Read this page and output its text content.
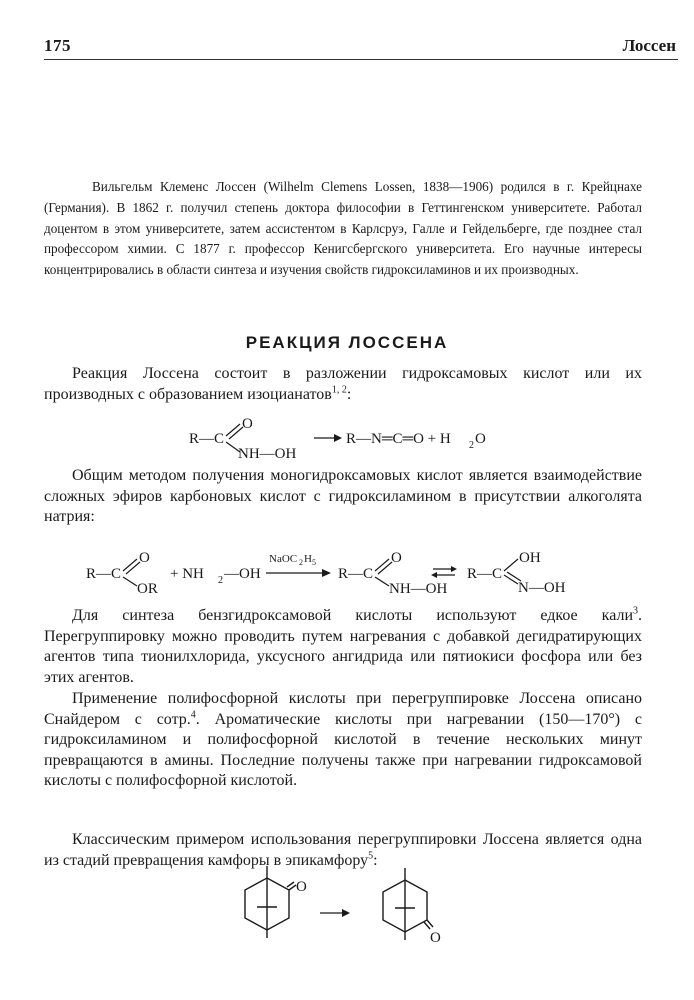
175	Лоссен
Вильгельм Клеменс Лоссен (Wilhelm Clemens Lossen, 1838—1906) родился в г. Крейцнахе (Германия). В 1862 г. получил степень доктора философии в Геттингенском университете. Работал доцентом в этом университете, затем ассистентом в Карлсруэ, Галле и Гейдельберге, где позднее стал профессором химии. С 1877 г. профессор Кенигсбергского университета. Его научные интересы концентрировались в области синтеза и изучения свойств гидроксиламинов и их производных.
РЕАКЦИЯ ЛОССЕНА
Реакция Лоссена состоит в разложении гидроксамовых кислот или их производных с образованием изоцианатов$^{1, 2}$:
Общим методом получения моногидроксамовых кислот является взаимодействие сложных эфиров карбоновых кислот с гидроксиламином в присутствии алкоголята натрия:
Для синтеза бензгидроксамовой кислоты используют едкое кали$^3$. Перегруппировку можно проводить путем нагревания с добавкой дегидратирующих агентов типа тионилхлорида, уксусного ангидрида или пятиокиси фосфора или без этих агентов.
Применение полифосфорной кислоты при перегруппировке Лоссена описано Снайдером с сотр.$^4$. Ароматические кислоты при нагревании (150—170°) с гидроксиламином и полифосфорной кислотой в течение нескольких минут превращаются в амины. Последние получены также при нагревании гидроксамовой кислоты с полифосфорной кислотой.
Классическим примером использования перегруппировки Лоссена является одна из стадий превращения камфоры в эпикамфору$^5$:
R—C
O
NH—OH
R—N═C═O + H 2 O
R—C
O
OR
+ NH 2 —OH
NaOC 2 H 5
R—C
O
NH—OH
R—C
OH
N—OH
O
O
